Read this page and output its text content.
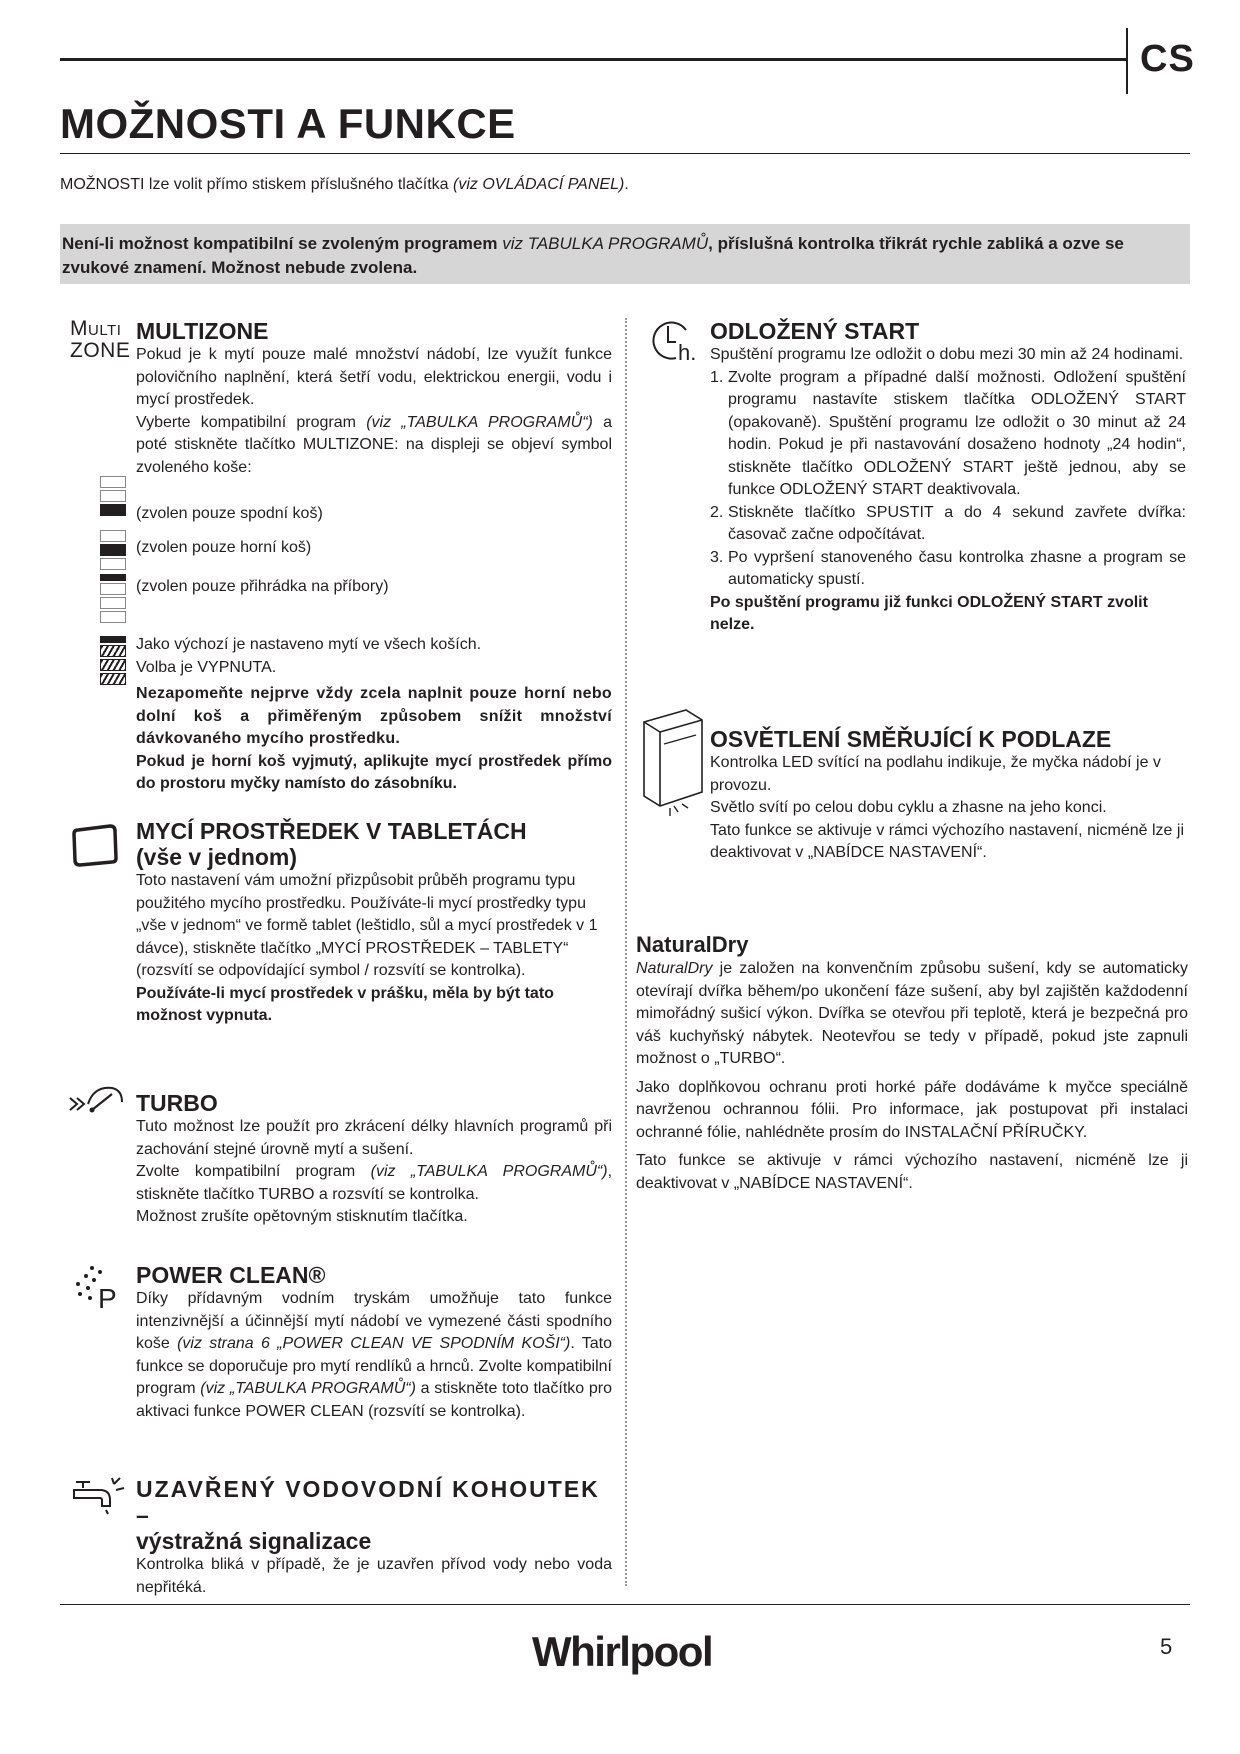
CS
MOŽNOSTI A FUNKCE
MOŽNOSTI lze volit přímo stiskem příslušného tlačítka (viz OVLÁDACÍ PANEL).

Není-li možnost kompatibilní se zvoleným programem viz TABULKA PROGRAMŮ, příslušná kontrolka třikrát rychle zabliká a ozve se zvukové znamení. Možnost nebude zvolena.

Multi
ZONE
MULTIZONE

Pokud je k mytí pouze malé množství nádobí, lze využít funkce polovičního naplnění, která šetří vodu, elektrickou energii, vodu i mycí prostředek.

Vyberte kompatibilní program (viz „TABULKA PROGRAMŮ“) a poté stiskněte tlačítko MULTIZONE: na displeji se objeví symbol zvoleného koše:

(zvolen pouze spodní koš)
(zvolen pouze horní koš)
(zvolen pouze přihrádka na příbory)

Jako výchozí je nastaveno mytí ve všech koších.

Volba je VYPNUTA.

Nezapomeňte nejprve vždy zcela naplnit pouze horní nebo dolní koš a přiměřeným způsobem snížit množství dávkovaného mycího prostředku.

Pokud je horní koš vyjmutý, aplikujte mycí prostředek přímo do prostoru myčky namísto do zásobníku.

MYCÍ PROSTŘEDEK V TABLETÁCH
(vše v jednom)

Toto nastavení vám umožní přizpůsobit průběh programu typu použitého mycího prostředku. Používáte-li mycí prostředky typu „vše v jednom“ ve formě tablet (leštidlo, sůl a mycí prostředek v 1 dávce), stiskněte tlačítko „MYCÍ PROSTŘEDEK – TABLETY“ (rozsvítí se odpovídající symbol / rozsvítí se kontrolka).

Používáte-li mycí prostředek v prášku, měla by být tato možnost vypnuta.

TURBO

Tuto možnost lze použít pro zkrácení délky hlavních programů při zachování stejné úrovně mytí a sušení.

Zvolte kompatibilní program (viz „TABULKA PROGRAMŮ“), stiskněte tlačítko TURBO a rozsvítí se kontrolka.

Možnost zrušíte opětovným stisknutím tlačítka.

P
POWER CLEAN®

Díky přídavným vodním tryskám umožňuje tato funkce intenzivnější a účinnější mytí nádobí ve vymezené části spodního koše (viz strana 6 „POWER CLEAN VE SPODNÍM KOŠI“). Tato funkce se doporučuje pro mytí rendlíků a hrnců. Zvolte kompatibilní program (viz „TABULKA PROGRAMŮ“) a stiskněte toto tlačítko pro aktivaci funkce POWER CLEAN (rozsvítí se kontrolka).

UZAVŘENÝ VODOVODNÍ KOHOUTEK –
výstražná signalizace

Kontrolka bliká v případě, že je uzavřen přívod vody nebo voda nepřitéká.

h.
ODLOŽENÝ START

Spuštění programu lze odložit o dobu mezi 30 min až 24 hodinami.

1. Zvolte program a případné další možnosti. Odložení spuštění programu nastavíte stiskem tlačítka ODLOŽENÝ START (opakovaně). Spuštění programu lze odložit o 30 minut až 24 hodin. Pokud je při nastavování dosaženo hodnoty „24 hodin“, stiskněte tlačítko ODLOŽENÝ START ještě jednou, aby se funkce ODLOŽENÝ START deaktivovala.
2. Stiskněte tlačítko SPUSTIT a do 4 sekund zavřete dvířka: časovač začne odpočítávat.
3. Po vypršení stanoveného času kontrolka zhasne a program se automaticky spustí.

Po spuštění programu již funkci ODLOŽENÝ START zvolit nelze.

OSVĚTLENÍ SMĚŘUJÍCÍ K PODLAZE

Kontrolka LED svítící na podlahu indikuje, že myčka nádobí je v provozu.

Světlo svítí po celou dobu cyklu a zhasne na jeho konci.

Tato funkce se aktivuje v rámci výchozího nastavení, nicméně lze ji deaktivovat v „NABÍDCE NASTAVENÍ“.

NaturalDry

NaturalDry je založen na konvenčním způsobu sušení, kdy se automaticky otevírají dvířka během/po ukončení fáze sušení, aby byl zajištěn každodenní mimořádný sušicí výkon. Dvířka se otevřou při teplotě, která je bezpečná pro váš kuchyňský nábytek. Neotevřou se tedy v případě, pokud jste zapnuli možnost o „TURBO“.

Jako doplňkovou ochranu proti horké páře dodáváme k myčce speciálně navrženou ochrannou fólii. Pro informace, jak postupovat při instalaci ochranné fólie, nahlédněte prosím do INSTALAČNÍ PŘÍRUČKY.

Tato funkce se aktivuje v rámci výchozího nastavení, nicméně lze ji deaktivovat v „NABÍDCE NASTAVENÍ“.

Whirlpool	5
